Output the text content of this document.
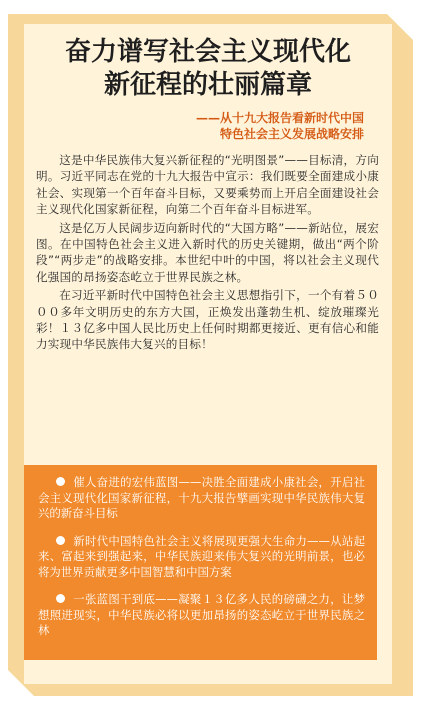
奋力谱写社会主义现代化
新征程的壮丽篇章
——从十九大报告看新时代中国
特色社会主义发展战略安排

这是中华民族伟大复兴新征程的“光明图景”——目标清，方向明。习近平同志在党的十九大报告中宣示：我们既要全面建成小康社会、实现第一个百年奋斗目标，又要乘势而上开启全面建设社会主义现代化国家新征程，向第二个百年奋斗目标进军。

这是亿万人民阔步迈向新时代的“大国方略”——新站位，展宏图。在中国特色社会主义进入新时代的历史关键期，做出“两个阶段”“两步走”的战略安排。本世纪中叶的中国，将以社会主义现代化强国的昂扬姿态屹立于世界民族之林。

在习近平新时代中国特色社会主义思想指引下，一个有着５０００多年文明历史的东方大国，正焕发出蓬勃生机、绽放璀璨光彩！１３亿多中国人民比历史上任何时期都更接近、更有信心和能力实现中华民族伟大复兴的目标！

催人奋进的宏伟蓝图——决胜全面建成小康社会，开启社会主义现代化国家新征程，十九大报告擘画实现中华民族伟大复兴的新奋斗目标

新时代中国特色社会主义将展现更强大生命力——从站起来、富起来到强起来，中华民族迎来伟大复兴的光明前景，也必将为世界贡献更多中国智慧和中国方案

一张蓝图干到底——凝聚１３亿多人民的磅礴之力，让梦想照进现实，中华民族必将以更加昂扬的姿态屹立于世界民族之林
